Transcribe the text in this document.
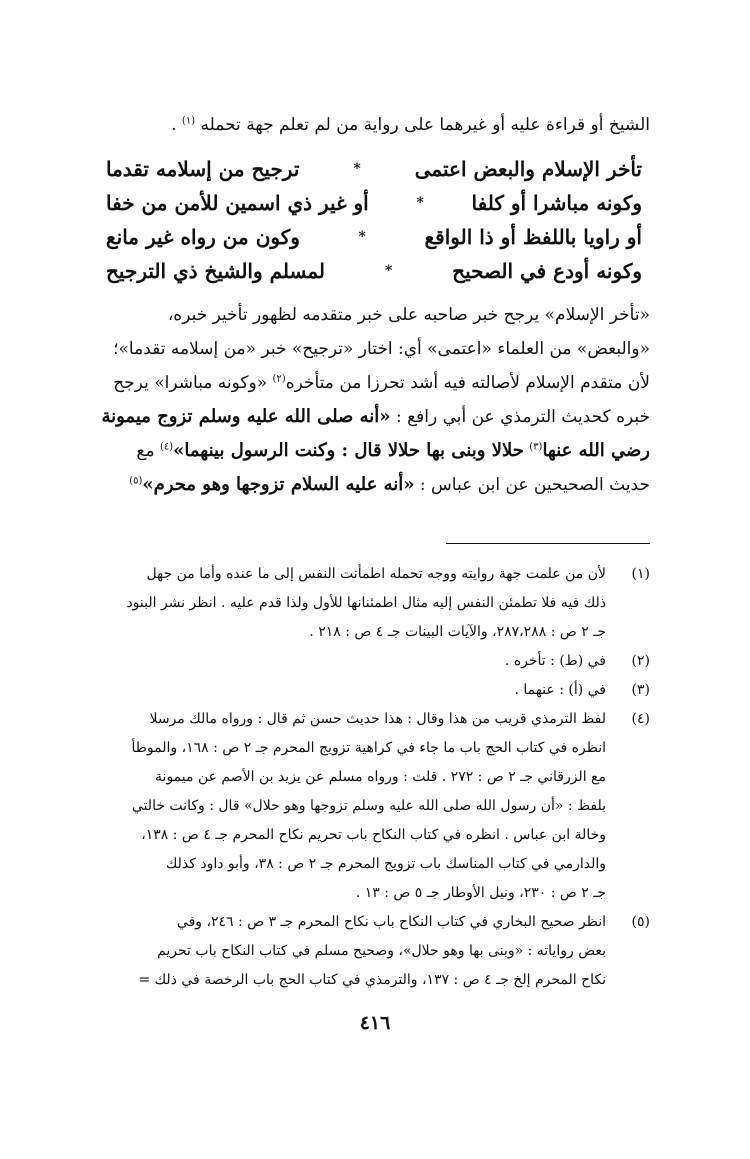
الشيخ أو قراءة عليه أو غيرهما على رواية من لم تعلم جهة تحمله $^{(١)}$ .
تأخر الإسلام والبعض اعتمى
*
ترجيح من إسلامه تقدما
وكونه مباشرا أو كلفا
*
أو غير ذي اسمين للأمن من خفا
أو راويا باللفظ أو ذا الواقع
*
وكون من رواه غير مانع
وكونه أودع في الصحيح
*
لمسلم والشيخ ذي الترجيح
«تأخر الإسلام» يرجح خبر صاحبه على خبر متقدمه لظهور تأخير خبره،
«والبعض» من العلماء «اعتمى» أي: اختار «ترجيح» خبر «من إسلامه تقدما»؛
لأن متقدم الإسلام لأصالته فيه أشد تحرزا من متأخره$^{(٢)}$ «وكونه مباشرا» يرجح
خبره كحديث الترمذي عن أبي رافع : «أنه صلى الله عليه وسلم تزوج ميمونة
رضي الله عنها$^{(٣)}$ حلالا وبنى بها حلالا قال : وكنت الرسول بينهما»$^{(٤)}$ مع
حديث الصحيحين عن ابن عباس : «أنه عليه السلام تزوجها وهو محرم»$^{(٥)}$
(١)
لأن من علمت جهة روايته ووجه تحمله اطمأنت النفس إلى ما عنده وأما من جهل
ذلك فيه فلا تطمئن النفس إليه مثال اطمئنانها للأول ولذا قدم عليه . انظر نشر البنود
جـ ٢ ص : ٢٨٧،٢٨٨، والآيات البينات جـ ٤ ص : ٢١٨ .
(٢)
في (ط) : تأخره .
(٣)
في (أ) : عنهما .
(٤)
لفظ الترمذي قريب من هذا وقال : هذا حديث حسن ثم قال : ورواه مالك مرسلا
انظره في كتاب الحج باب ما جاء في كراهية تزويج المحرم جـ ٢ ص : ١٦٨، والموطأ
مع الزرقاني جـ ٢ ص : ٢٧٢ . قلت : ورواه مسلم عن يزيد بن الأصم عن ميمونة
بلفظ : «أن رسول الله صلى الله عليه وسلم تزوجها وهو حلال» قال : وكانت خالتي
وخالة ابن عباس . انظره في كتاب النكاح باب تحريم نكاح المحرم جـ ٤ ص : ١٣٨،
والدارمي في كتاب المناسك باب تزويج المحرم جـ ٢ ص : ٣٨، وأبو داود كذلك
جـ ٢ ص : ٢٣٠، ونيل الأوطار جـ ٥ ص : ١٣ .
(٥)
انظر صحيح البخاري في كتاب النكاح باب نكاح المحرم جـ ٣ ص : ٢٤٦، وفي
بعض رواياته : «وبنى بها وهو حلال»، وصحيح مسلم في كتاب النكاح باب تحريم
نكاح المحرم إلخ جـ ٤ ص : ١٣٧، والترمذي في كتاب الحج باب الرخصة في ذلك =
٤١٦
